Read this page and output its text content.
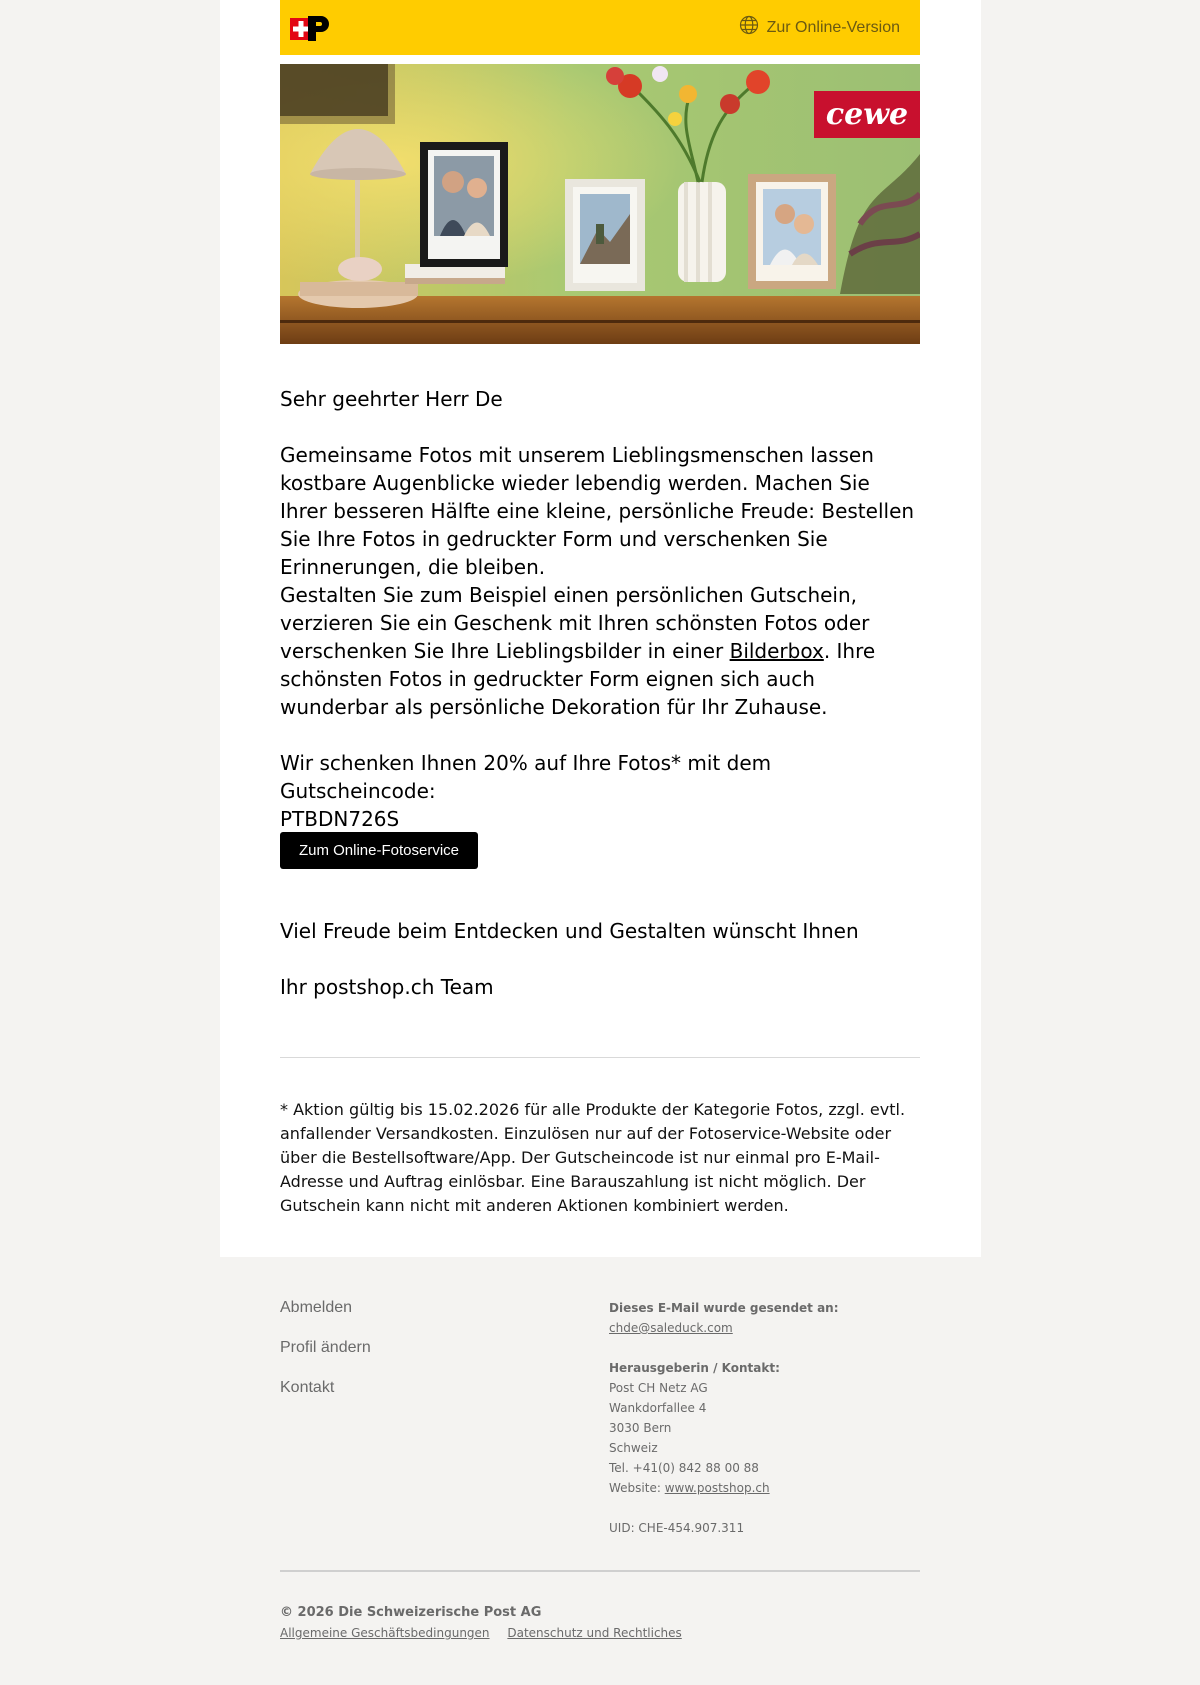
Zur Online-Version
cewe

Sehr geehrter Herr De

Gemeinsame Fotos mit unserem Lieblingsmenschen lassen kostbare Augenblicke wieder lebendig werden. Machen Sie Ihrer besseren Hälfte eine kleine, persönliche Freude: Bestellen Sie Ihre Fotos in gedruckter Form und verschenken Sie Erinnerungen, die bleiben.

Gestalten Sie zum Beispiel einen persönlichen Gutschein, verzieren Sie ein Geschenk mit Ihren schönsten Fotos oder verschenken Sie Ihre Lieblingsbilder in einer Bilderbox. Ihre schönsten Fotos in gedruckter Form eignen sich auch wunderbar als persönliche Dekoration für Ihr Zuhause.

Wir schenken Ihnen 20% auf Ihre Fotos* mit dem Gutscheincode:
PTBDN726S

Zum Online-Fotoservice

Viel Freude beim Entdecken und Gestalten wünscht Ihnen

Ihr postshop.ch Team

* Aktion gültig bis 15.02.2026 für alle Produkte der Kategorie Fotos, zzgl. evtl. anfallender Versandkosten. Einzulösen nur auf der Fotoservice-Website oder über die Bestellsoftware/App. Der Gutscheincode ist nur einmal pro E-Mail-Adresse und Auftrag einlösbar. Eine Barauszahlung ist nicht möglich. Der Gutschein kann nicht mit anderen Aktionen kombiniert werden.

Abmelden
Profil ändern
Kontakt
Dieses E-Mail wurde gesendet an:
chde@saleduck.com
Herausgeberin / Kontakt:
Post CH Netz AG
Wankdorfallee 4
3030 Bern
Schweiz
Tel. +41(0) 842 88 00 88
Website: www.postshop.ch
UID: CHE-454.907.311
© 2026 Die Schweizerische Post AG
Allgemeine Geschäftsbedingungen Datenschutz und Rechtliches
